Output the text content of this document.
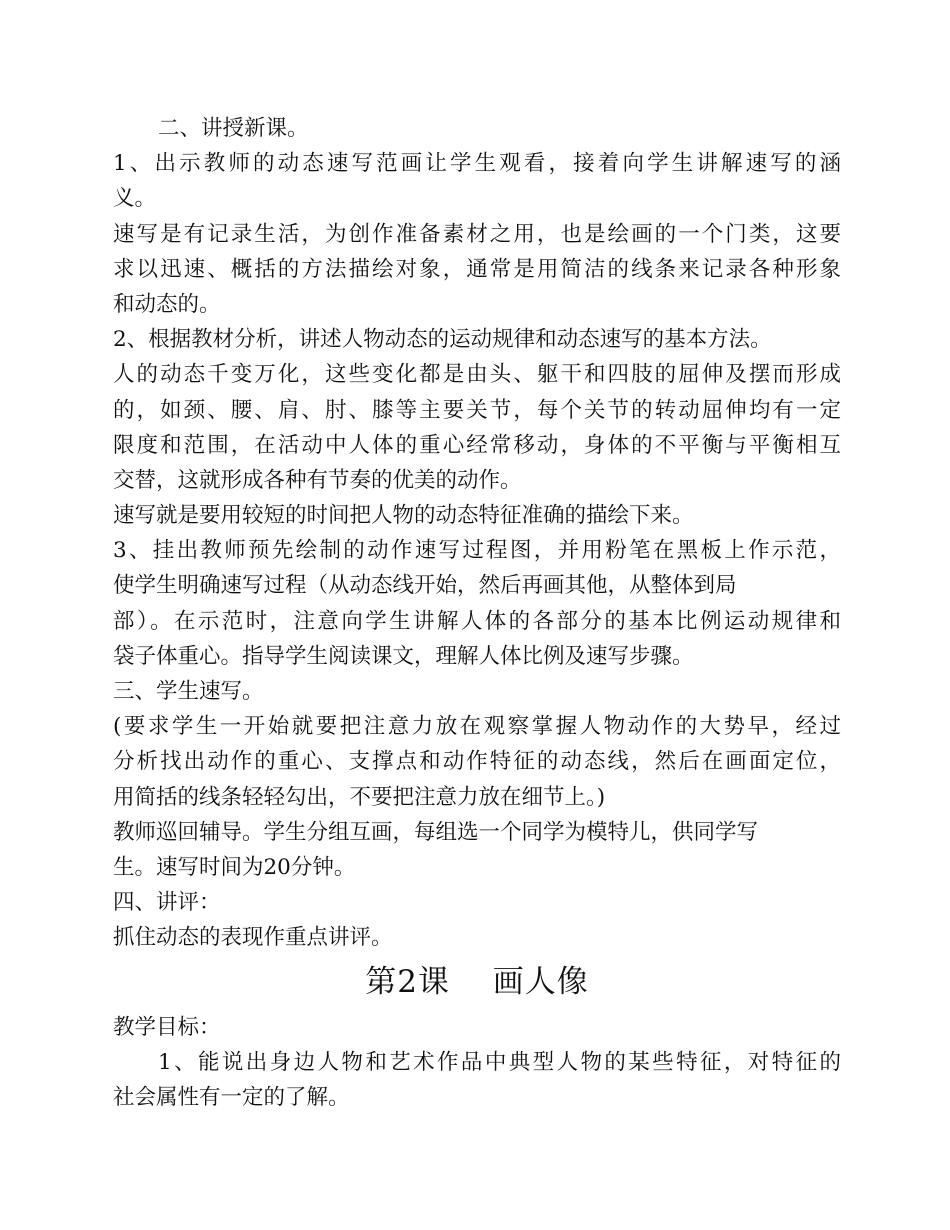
二、讲授新课。
1、出示教师的动态速写范画让学生观看，接着向学生讲解速写的涵
义。
速写是有记录生活，为创作准备素材之用，也是绘画的一个门类，这要
求以迅速、概括的方法描绘对象，通常是用简洁的线条来记录各种形象
和动态的。
2、根据教材分析，讲述人物动态的运动规律和动态速写的基本方法。
人的动态千变万化，这些变化都是由头、躯干和四肢的屈伸及摆而形成
的，如颈、腰、肩、肘、膝等主要关节，每个关节的转动屈伸均有一定
限度和范围，在活动中人体的重心经常移动，身体的不平衡与平衡相互
交替，这就形成各种有节奏的优美的动作。
速写就是要用较短的时间把人物的动态特征准确的描绘下来。
3、挂出教师预先绘制的动作速写过程图，并用粉笔在黑板上作示范，
使学生明确速写过程（从动态线开始，然后再画其他，从整体到局
部）。在示范时，注意向学生讲解人体的各部分的基本比例运动规律和
袋子体重心。指导学生阅读课文，理解人体比例及速写步骤。
三、学生速写。
(要求学生一开始就要把注意力放在观察掌握人物动作的大势早，经过
分析找出动作的重心、支撑点和动作特征的动态线，然后在画面定位，
用简括的线条轻轻勾出，不要把注意力放在细节上。)
教师巡回辅导。学生分组互画，每组选一个同学为模特儿，供同学写
生。速写时间为20分钟。
四、讲评：
抓住动态的表现作重点讲评。
第2课　 画人像
教学目标：
1、能说出身边人物和艺术作品中典型人物的某些特征，对特征的
社会属性有一定的了解。
